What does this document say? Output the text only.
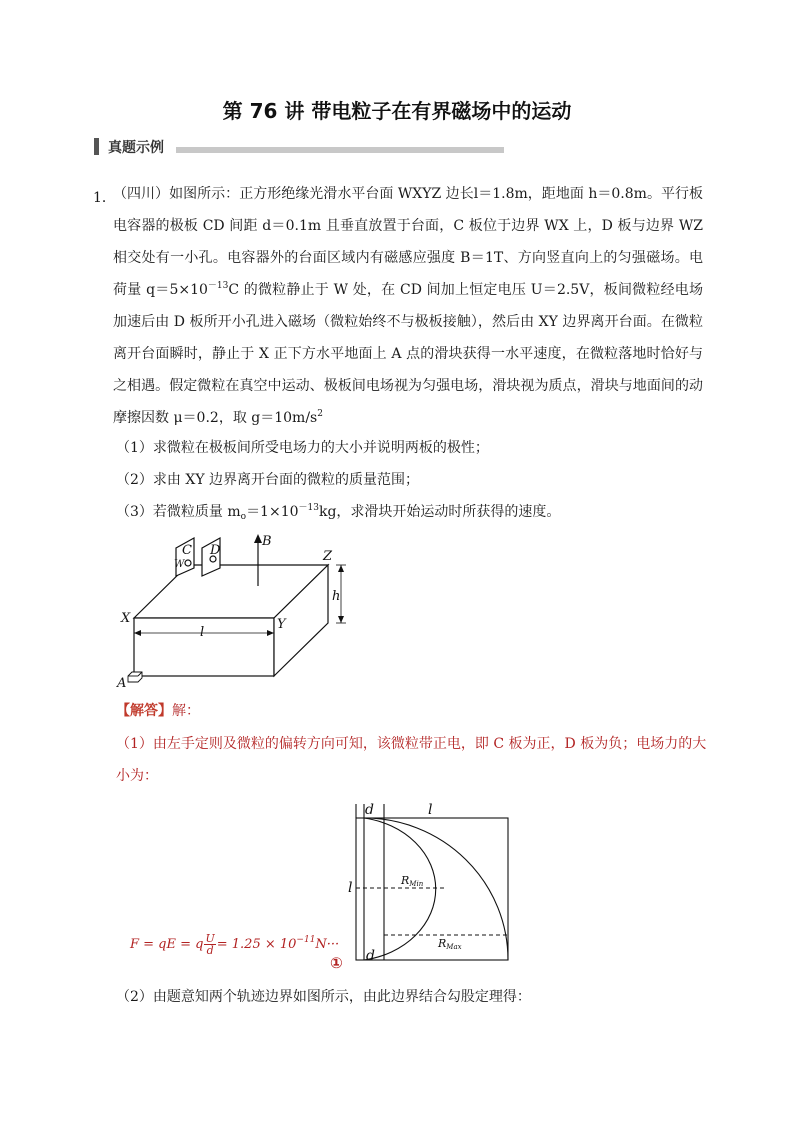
第 76 讲 带电粒子在有界磁场中的运动
真题示例
1．
（四川）如图所示：正方形绝缘光滑水平台面 WXYZ 边长l＝1.8m，距地面 h＝0.8m。平行板电容器的极板 CD 间距 d＝0.1m 且垂直放置于台面，C 板位于边界 WX 上，D 板与边界 WZ 相交处有一小孔。电容器外的台面区域内有磁感应强度 B＝1T、方向竖直向上的匀强磁场。电荷量 $q=5\times 10^{-13}C$ 的微粒静止于 W 处，在 CD 间加上恒定电压 U＝2.5V，板间微粒经电场加速后由 D 板所开小孔进入磁场（微粒始终不与极板接触），然后由 XY 边界离开台面。在微粒离开台面瞬时，静止于 X 正下方水平地面上 A 点的滑块获得一水平速度，在微粒落地时恰好与之相遇。假定微粒在真空中运动、极板间电场视为匀强电场，滑块视为质点，滑块与地面间的动摩擦因数 μ＝0.2，取 $g=10m/s^2$
（1）求微粒在极板间所受电场力的大小并说明两板的极性；
（2）求由 XY 边界离开台面的微粒的质量范围；
（3）若微粒质量 $m_o=1\times 10^{-13}kg$，求滑块开始运动时所获得的速度。
C D
W
B
Z
X	Y
h
l
A
【解答】解：
（1）由左手定则及微粒的偏转方向可知，该微粒带正电，即 C 板为正，D 板为负；电场力的大
小为：
d	l
l
d
RMin
RMax
F = qE = q $\frac{U}{d} = 1.25 \times 10^{-11}N\cdot\cdot\cdot$
①
（2）由题意知两个轨迹边界如图所示，由此边界结合勾股定理得：
